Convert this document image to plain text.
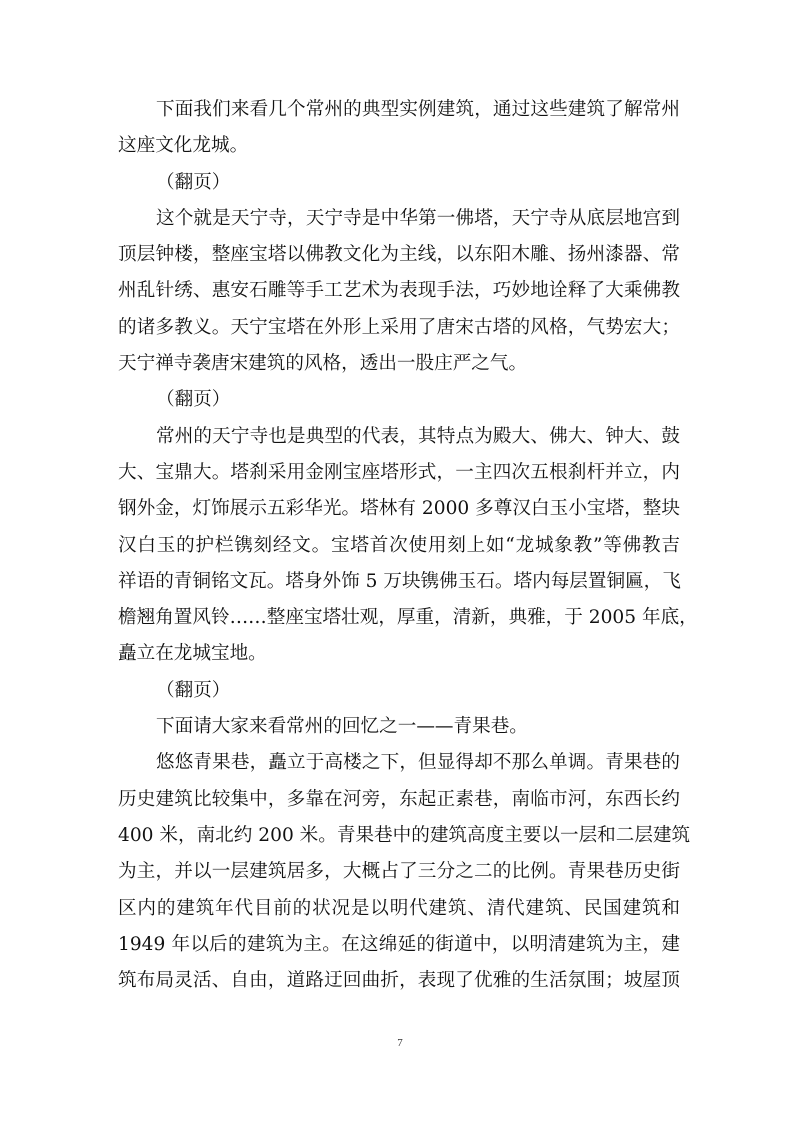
下面我们来看几个常州的典型实例建筑，通过这些建筑了解常州
这座文化龙城。
（翻页）
这个就是天宁寺，天宁寺是中华第一佛塔，天宁寺从底层地宫到
顶层钟楼，整座宝塔以佛教文化为主线，以东阳木雕、扬州漆器、常
州乱针绣、惠安石雕等手工艺术为表现手法，巧妙地诠释了大乘佛教
的诸多教义。天宁宝塔在外形上采用了唐宋古塔的风格，气势宏大；
天宁禅寺袭唐宋建筑的风格，透出一股庄严之气。
（翻页）
常州的天宁寺也是典型的代表，其特点为殿大、佛大、钟大、鼓
大、宝鼎大。塔刹采用金刚宝座塔形式，一主四次五根刹杆并立，内
钢外金，灯饰展示五彩华光。塔林有 2000 多尊汉白玉小宝塔，整块
汉白玉的护栏镌刻经文。宝塔首次使用刻上如“龙城象教”等佛教吉
祥语的青铜铭文瓦。塔身外饰 5 万块镌佛玉石。塔内每层置铜匾，飞
檐翘角置风铃……整座宝塔壮观，厚重，清新，典雅，于 2005 年底，
矗立在龙城宝地。
（翻页）
下面请大家来看常州的回忆之一——青果巷。
悠悠青果巷，矗立于高楼之下，但显得却不那么单调。青果巷的
历史建筑比较集中，多靠在河旁，东起正素巷，南临市河，东西长约
400 米，南北约 200 米。青果巷中的建筑高度主要以一层和二层建筑
为主，并以一层建筑居多，大概占了三分之二的比例。青果巷历史街
区内的建筑年代目前的状况是以明代建筑、清代建筑、民国建筑和
1949 年以后的建筑为主。在这绵延的街道中，以明清建筑为主，建
筑布局灵活、自由，道路迂回曲折，表现了优雅的生活氛围；坡屋顶
7
